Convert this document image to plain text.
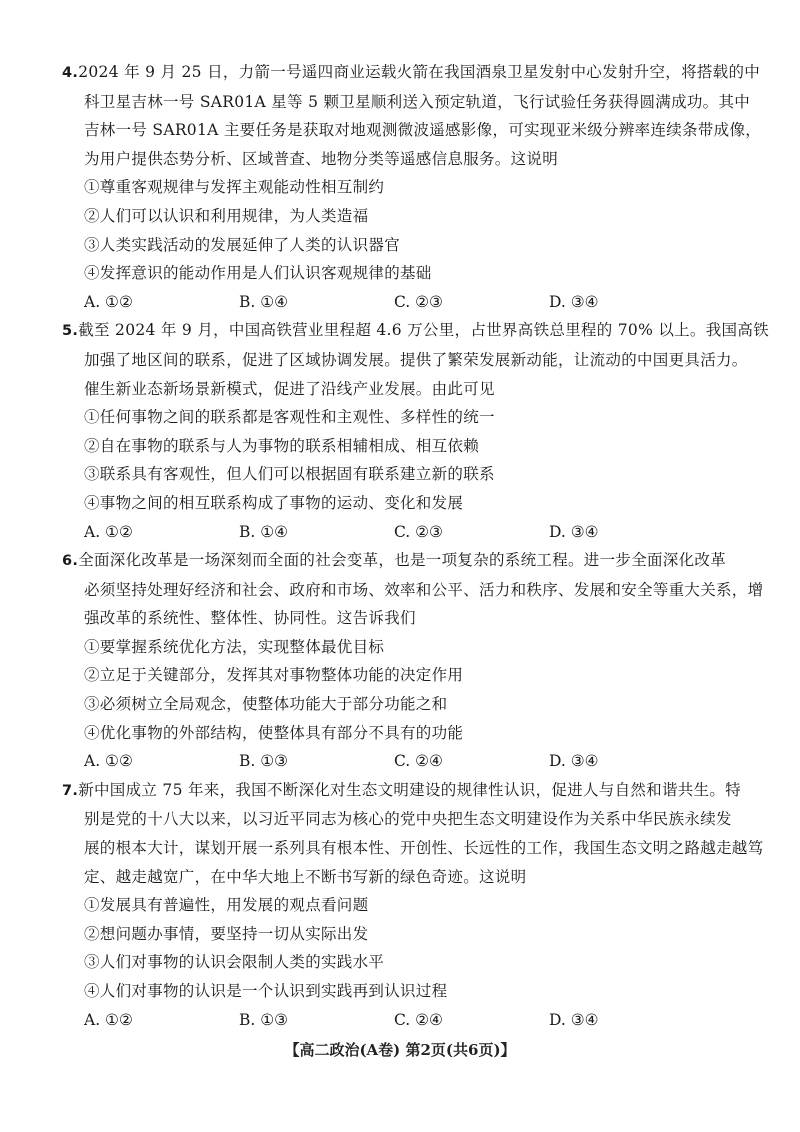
4.2024 年 9 月 25 日，力箭一号遥四商业运载火箭在我国酒泉卫星发射中心发射升空，将搭载的中
科卫星吉林一号 SAR01A 星等 5 颗卫星顺利送入预定轨道，飞行试验任务获得圆满成功。其中
吉林一号 SAR01A 主要任务是获取对地观测微波遥感影像，可实现亚米级分辨率连续条带成像，
为用户提供态势分析、区域普查、地物分类等遥感信息服务。这说明
①尊重客观规律与发挥主观能动性相互制约
②人们可以认识和利用规律，为人类造福
③人类实践活动的发展延伸了人类的认识器官
④发挥意识的能动作用是人们认识客观规律的基础
A. ①②	B. ①④	C. ②③	D. ③④
5.截至 2024 年 9 月，中国高铁营业里程超 4.6 万公里，占世界高铁总里程的 70% 以上。我国高铁
加强了地区间的联系，促进了区域协调发展。提供了繁荣发展新动能，让流动的中国更具活力。
催生新业态新场景新模式，促进了沿线产业发展。由此可见
①任何事物之间的联系都是客观性和主观性、多样性的统一
②自在事物的联系与人为事物的联系相辅相成、相互依赖
③联系具有客观性，但人们可以根据固有联系建立新的联系
④事物之间的相互联系构成了事物的运动、变化和发展
A. ①②	B. ①④	C. ②③	D. ③④
6.全面深化改革是一场深刻而全面的社会变革，也是一项复杂的系统工程。进一步全面深化改革
必须坚持处理好经济和社会、政府和市场、效率和公平、活力和秩序、发展和安全等重大关系，增
强改革的系统性、整体性、协同性。这告诉我们
①要掌握系统优化方法，实现整体最优目标
②立足于关键部分，发挥其对事物整体功能的决定作用
③必须树立全局观念，使整体功能大于部分功能之和
④优化事物的外部结构，使整体具有部分不具有的功能
A. ①②	B. ①③	C. ②④	D. ③④
7.新中国成立 75 年来，我国不断深化对生态文明建设的规律性认识，促进人与自然和谐共生。特
别是党的十八大以来，以习近平同志为核心的党中央把生态文明建设作为关系中华民族永续发
展的根本大计，谋划开展一系列具有根本性、开创性、长远性的工作，我国生态文明之路越走越笃
定、越走越宽广，在中华大地上不断书写新的绿色奇迹。这说明
①发展具有普遍性，用发展的观点看问题
②想问题办事情，要坚持一切从实际出发
③人们对事物的认识会限制人类的实践水平
④人们对事物的认识是一个认识到实践再到认识过程
A. ①②	B. ①③	C. ②④	D. ③④
【高二政治(A卷) 第2页(共6页)】
